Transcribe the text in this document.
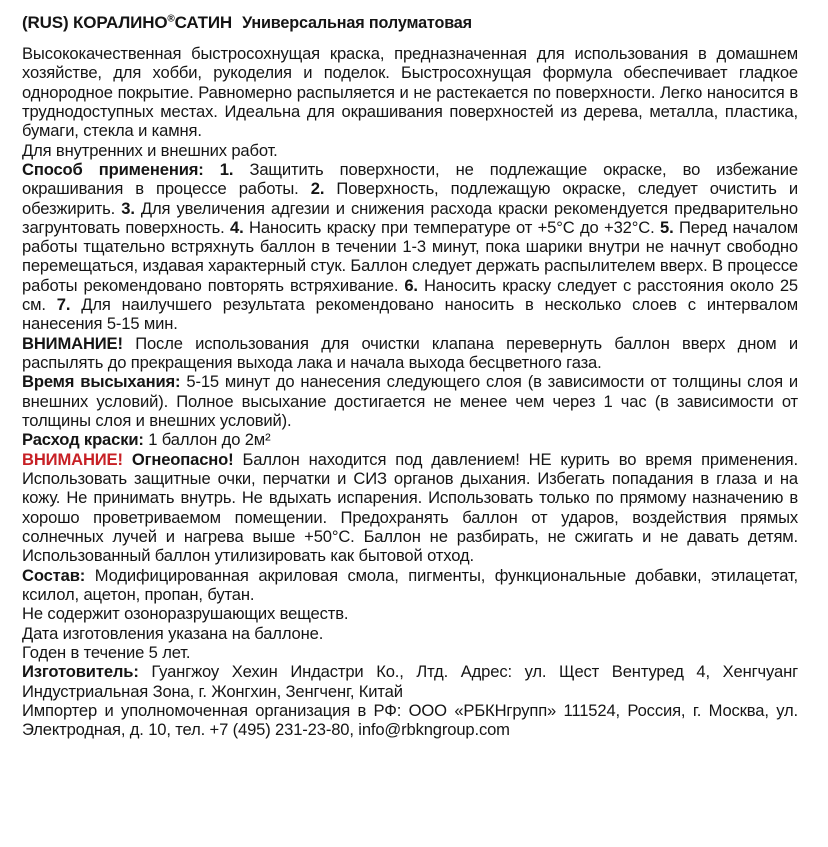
(RUS) КОРАЛИНО®САТИН Универсальная полуматовая

Высококачественная быстросохнущая краска, предназначенная для использования в домашнем хозяйстве, для хобби, рукоделия и поделок. Быстросохнущая формула обеспечивает гладкое однородное покрытие. Равномерно распыляется и не растекается по поверхности. Легко наносится в труднодоступных местах. Идеальна для окрашивания поверхностей из дерева, металла, пластика, бумаги, стекла и камня.

Для внутренних и внешних работ.

Способ применения: 1. Защитить поверхности, не подлежащие окраске, во избежание окрашивания в процессе работы. 2. Поверхность, подлежащую окраске, следует очистить и обезжирить. 3. Для увеличения адгезии и снижения расхода краски рекомендуется предварительно загрунтовать поверхность. 4. Наносить краску при температуре от +5°С до +32°С. 5. Перед началом работы тщательно встряхнуть баллон в течении 1-3 минут, пока шарики внутри не начнут свободно перемещаться, издавая характерный стук. Баллон следует держать распылителем вверх. В процессе работы рекомендовано повторять встряхивание. 6. Наносить краску следует с расстояния около 25 см. 7. Для наилучшего результата рекомендовано наносить в несколько слоев с интервалом нанесения 5-15 мин.

ВНИМАНИЕ! После использования для очистки клапана перевернуть баллон вверх дном и распылять до прекращения выхода лака и начала выхода бесцветного газа.

Время высыхания: 5-15 минут до нанесения следующего слоя (в зависимости от толщины слоя и внешних условий). Полное высыхание достигается не менее чем через 1 час (в зависимости от толщины слоя и внешних условий).

Расход краски: 1 баллон до 2м²

ВНИМАНИЕ! Огнеопасно! Баллон находится под давлением! НЕ курить во время применения. Использовать защитные очки, перчатки и СИЗ органов дыхания. Избегать попадания в глаза и на кожу. Не принимать внутрь. Не вдыхать испарения. Использовать только по прямому назначению в хорошо проветриваемом помещении. Предохранять баллон от ударов, воздействия прямых солнечных лучей и нагрева выше +50°С. Баллон не разбирать, не сжигать и не давать детям. Использованный баллон утилизировать как бытовой отход.

Состав: Модифицированная акриловая смола, пигменты, функциональные добавки, этилацетат, ксилол, ацетон, пропан, бутан.

Не содержит озоноразрушающих веществ.
Дата изготовления указана на баллоне.
Годен в течение 5 лет.

Изготовитель: Гуангжоу Хехин Индастри Ко., Лтд. Адрес: ул. Щест Вентуред 4, Хенгчуанг Индустриальная Зона, г. Жонгхин, Зенгченг, Китай

Импортер и уполномоченная организация в РФ: ООО «РБКНгрупп» 111524, Россия, г. Москва, ул. Электродная, д. 10, тел. +7 (495) 231-23-80, info@rbkngroup.com
